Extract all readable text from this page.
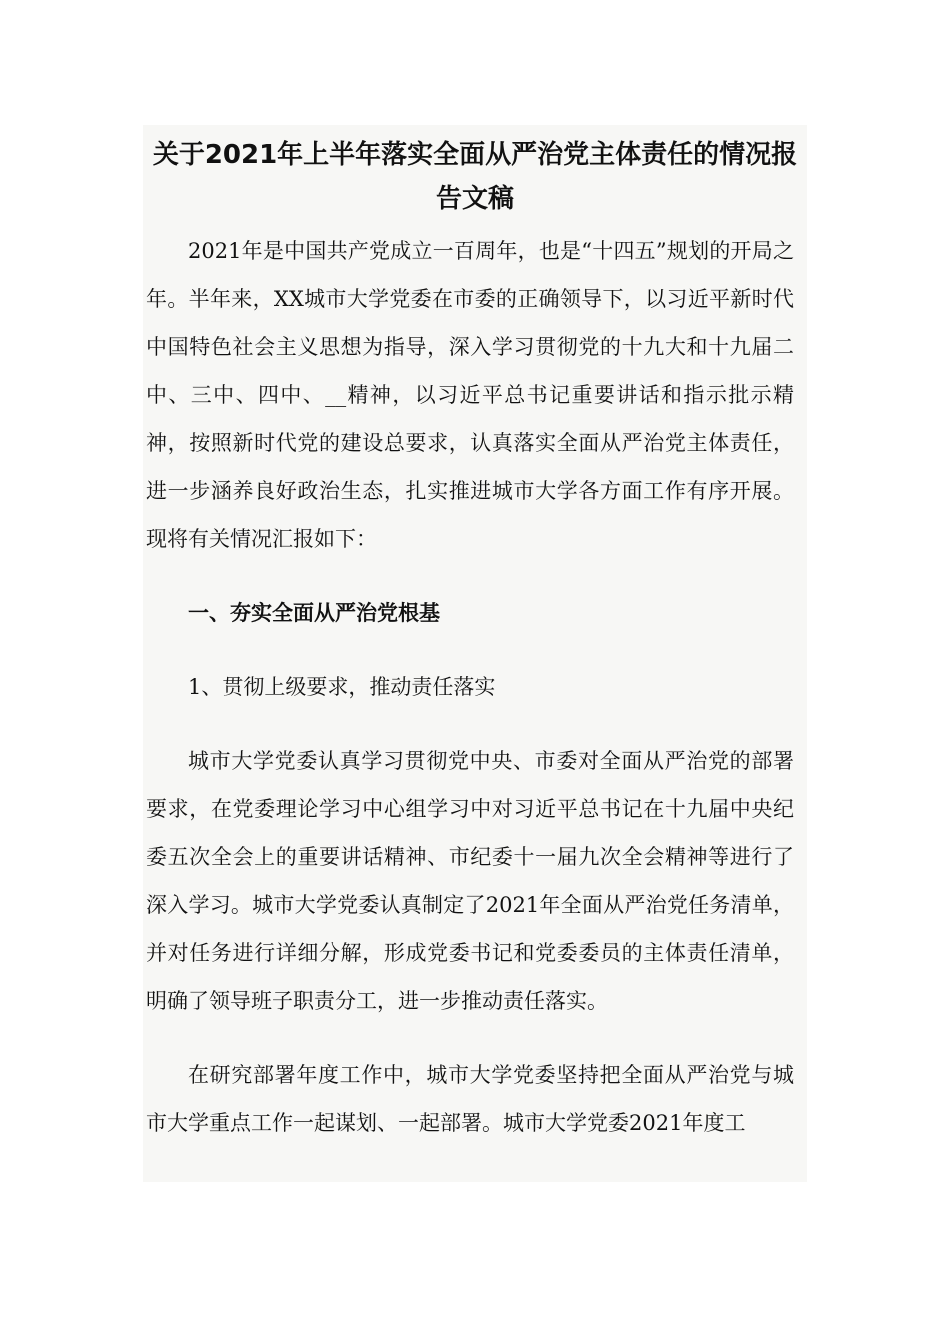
关于2021年上半年落实全面从严治党主体责任的情况报告文稿

2021年是中国共产党成立一百周年，也是“十四五”规划的开局之年。半年来，XX城市大学党委在市委的正确领导下，以习近平新时代中国特色社会主义思想为指导，深入学习贯彻党的十九大和十九届二中、三中、四中、__精神，以习近平总书记重要讲话和指示批示精神，按照新时代党的建设总要求，认真落实全面从严治党主体责任，进一步涵养良好政治生态，扎实推进城市大学各方面工作有序开展。现将有关情况汇报如下：

一、夯实全面从严治党根基

1、贯彻上级要求，推动责任落实

城市大学党委认真学习贯彻党中央、市委对全面从严治党的部署要求，在党委理论学习中心组学习中对习近平总书记在十九届中央纪委五次全会上的重要讲话精神、市纪委十一届九次全会精神等进行了深入学习。城市大学党委认真制定了2021年全面从严治党任务清单，并对任务进行详细分解，形成党委书记和党委委员的主体责任清单，明确了领导班子职责分工，进一步推动责任落实。

在研究部署年度工作中，城市大学党委坚持把全面从严治党与城市大学重点工作一起谋划、一起部署。城市大学党委2021年度工
